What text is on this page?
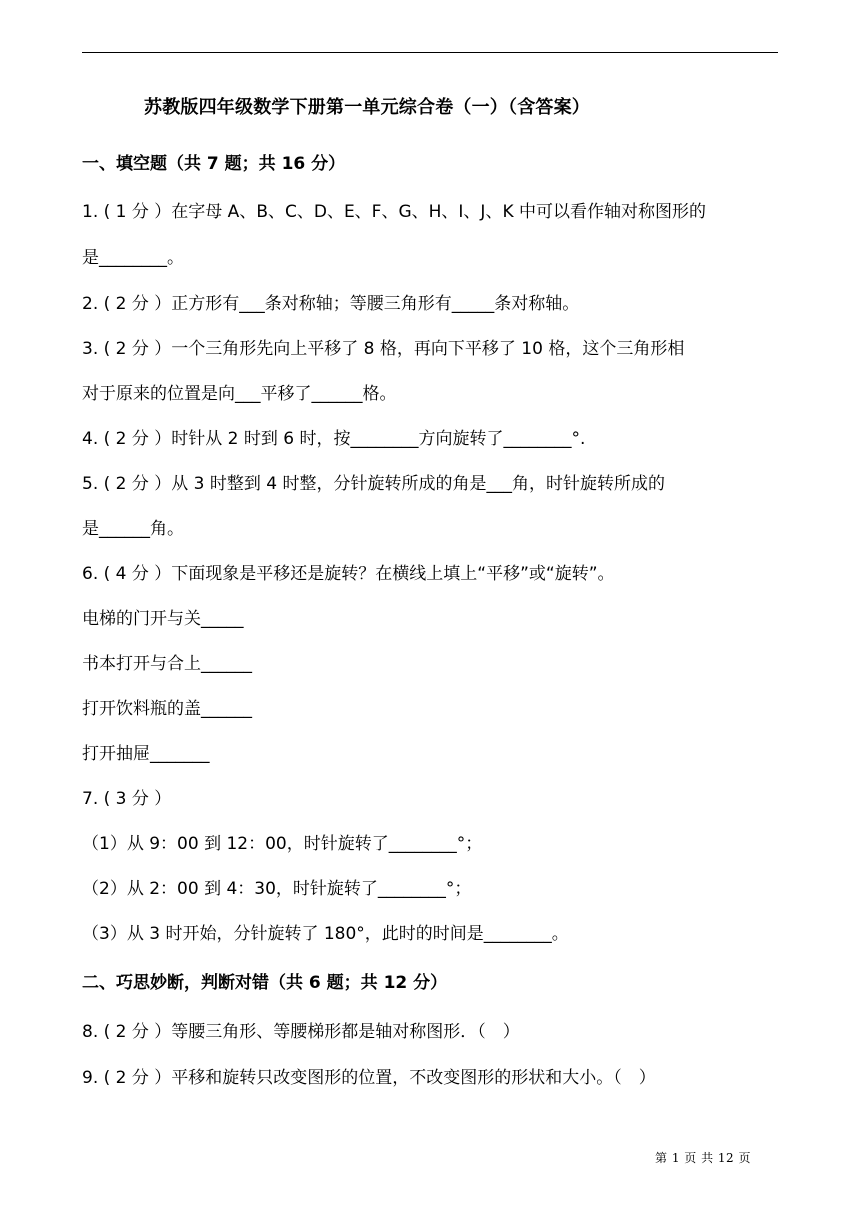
苏教版四年级数学下册第一单元综合卷（一）（含答案）
一、填空题（共 7 题；共 16 分）
1. ( 1 分 ）在字母 A、B、C、D、E、F、G、H、I、J、K 中可以看作轴对称图形的
是________。
2. ( 2 分 ）正方形有___条对称轴；等腰三角形有_____条对称轴。
3. ( 2 分 ）一个三角形先向上平移了 8 格，再向下平移了 10 格，这个三角形相
对于原来的位置是向___平移了______格。
4. ( 2 分 ）时针从 2 时到 6 时，按________方向旋转了________°.
5. ( 2 分 ）从 3 时整到 4 时整，分针旋转所成的角是___角，时针旋转所成的
是______角。
6. ( 4 分 ）下面现象是平移还是旋转？在横线上填上“平移”或“旋转”。
电梯的门开与关_____
书本打开与合上______
打开饮料瓶的盖______
打开抽屉_______
7. ( 3 分 ）
（1）从 9：00 到 12：00，时针旋转了________°；
（2）从 2：00 到 4：30，时针旋转了________°；
（3）从 3 时开始，分针旋转了 180°，此时的时间是________。
二、巧思妙断，判断对错（共 6 题；共 12 分）
8. ( 2 分 ）等腰三角形、等腰梯形都是轴对称图形．（　）
9. ( 2 分 ）平移和旋转只改变图形的位置，不改变图形的形状和大小。（　）
第 1 页 共 12 页
